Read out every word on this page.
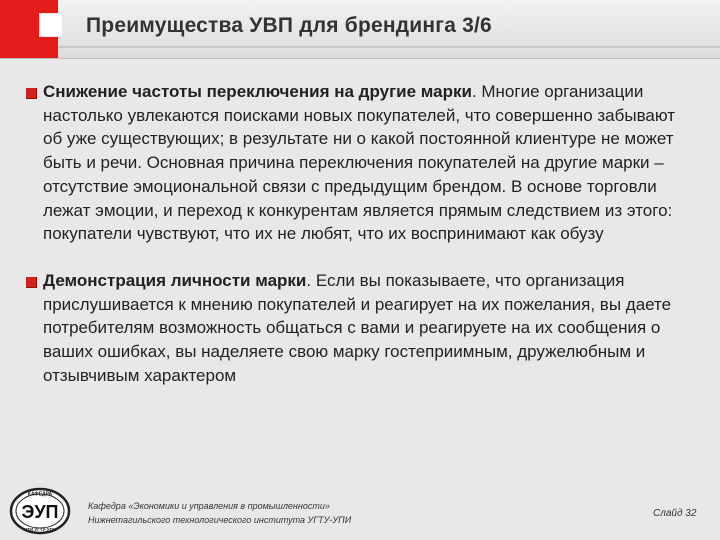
Преимущества УВП для брендинга 3/6
Снижение частоты переключения на другие марки. Многие организации настолько увлекаются поисками новых покупателей, что совершенно забывают об уже существующих; в результате ни о какой постоянной клиентуре не может быть и речи. Основная причина переключения покупателей на другие марки – отсутствие эмоциональной связи с предыдущим брендом. В основе торговли лежат эмоции, и переход к конкурентам является прямым следствием из этого: покупатели чувствуют, что их не любят, что их воспринимают как обузу
Демонстрация личности марки. Если вы показываете, что организация прислушивается к мнению покупателей и реагирует на их пожелания, вы даете потребителям возможность общаться с вами и реагируете на их сообщения о ваших ошибках, вы наделяете свою марку гостеприимным, дружелюбным и отзывчивым характером
КАФЕДРА
ЭУП
НТИ УГТУ-УПИ
Кафедра «Экономики и управления в промышленности»
Нижнетагильского технологического института УГТУ-УПИ
Слайд 32
